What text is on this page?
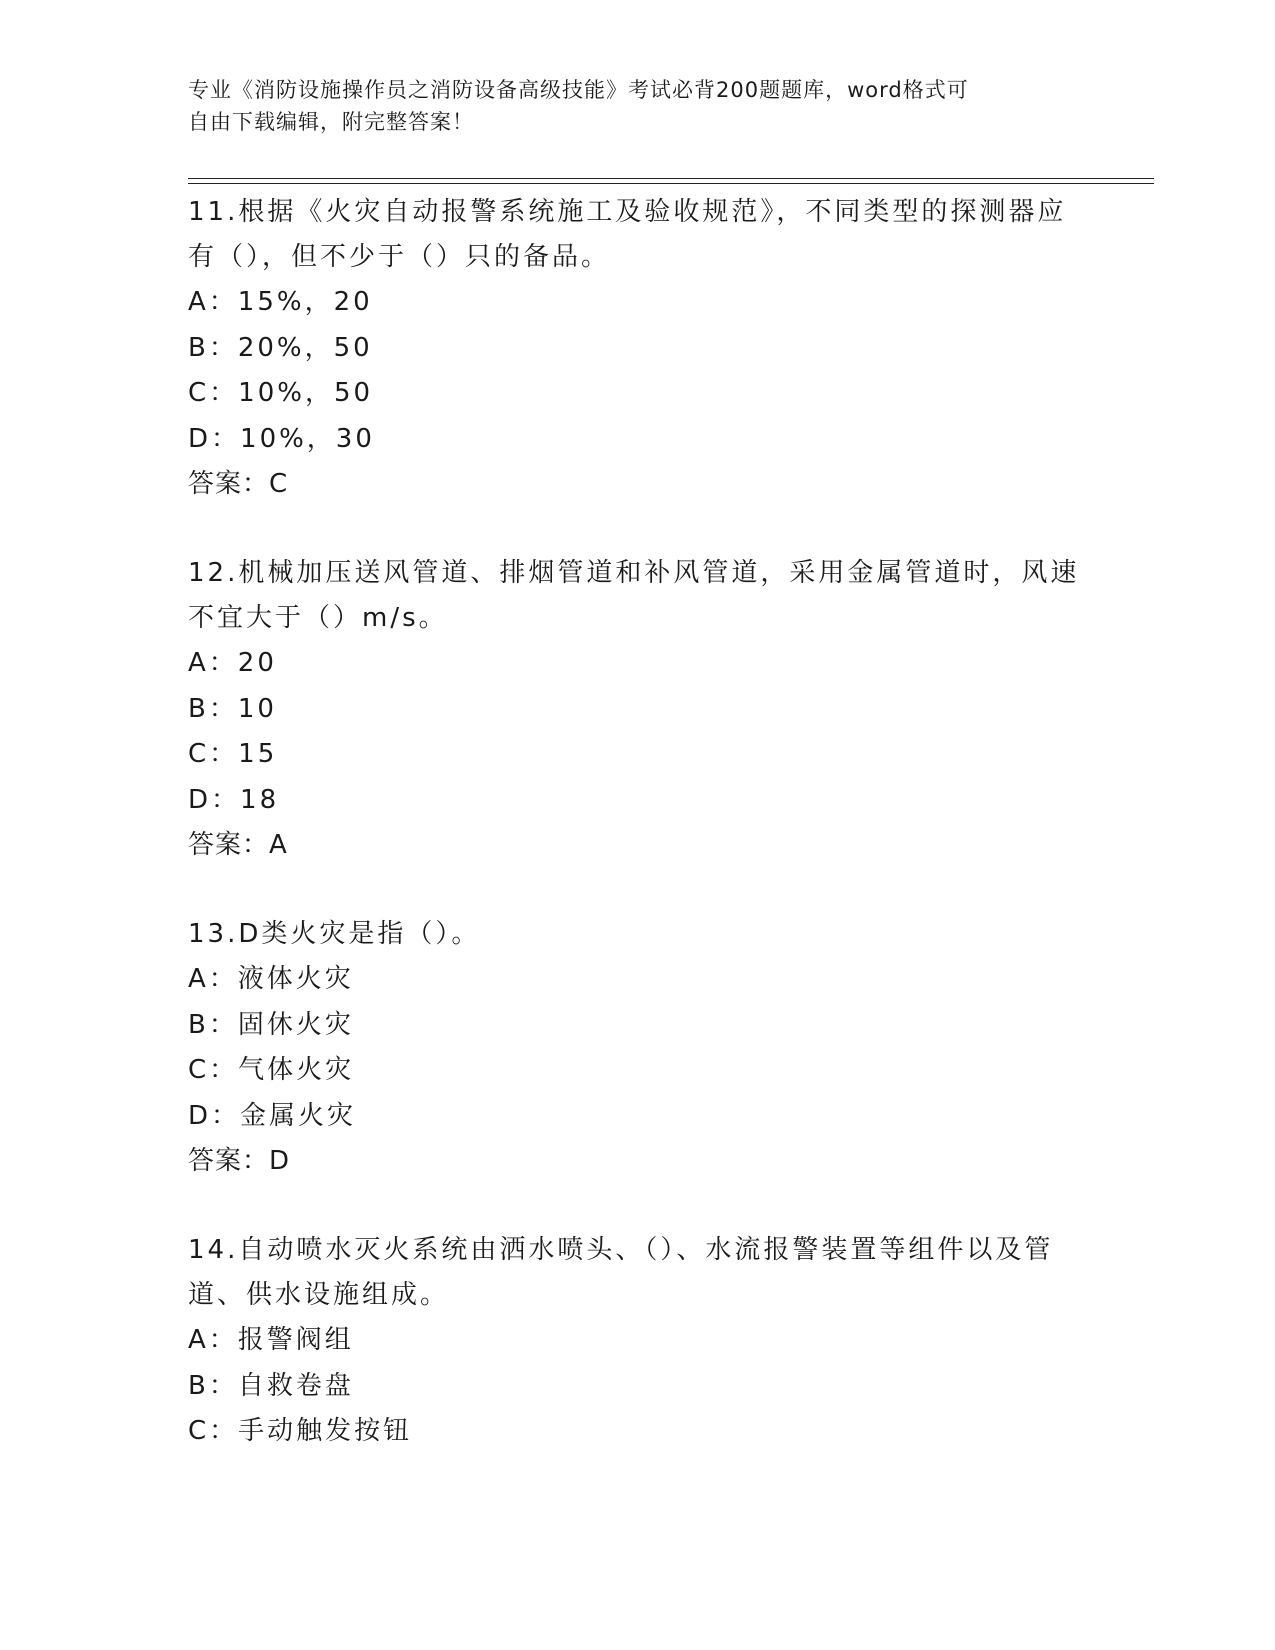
专业《消防设施操作员之消防设备高级技能》考试必背200题题库，word格式可
自由下载编辑，附完整答案！

11.根据《火灾自动报警系统施工及验收规范》，不同类型的探测器应

有（），但不少于（）只的备品。

A：15%，20

B：20%，50

C：10%，50

D：10%，30

答案：C

12.机械加压送风管道、排烟管道和补风管道，采用金属管道时，风速

不宜大于（）m/s。

A：20

B：10

C：15

D：18

答案：A

13.D类火灾是指（）。

A：液体火灾

B：固休火灾

C：气体火灾

D：金属火灾

答案：D

14.自动喷水灭火系统由洒水喷头、（）、水流报警装置等组件以及管

道、供水设施组成。

A：报警阀组

B：自救卷盘

C：手动触发按钮
